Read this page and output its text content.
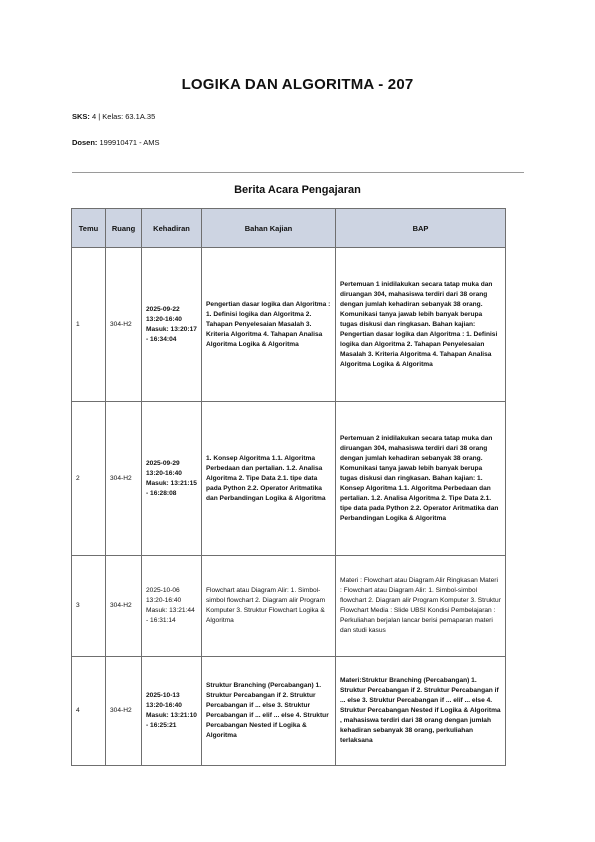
LOGIKA DAN ALGORITMA - 207
SKS: 4 | Kelas: 63.1A.35
Dosen: 199910471 - AMS
Berita Acara Pengajaran
Temu	Ruang	Kehadiran	Bahan Kajian	BAP
1	304-H2	2025-09-22 13:20-16:40 Masuk: 13:20:17 - 16:34:04	Pengertian dasar logika dan Algoritma : 1. Definisi logika dan Algoritma 2. Tahapan Penyelesaian Masalah 3. Kriteria Algoritma 4. Tahapan Analisa Algoritma Logika & Algoritma	Pertemuan 1 inidilakukan secara tatap muka dan diruangan 304, mahasiswa terdiri dari 38 orang dengan jumlah kehadiran sebanyak 38 orang. Komunikasi tanya jawab lebih banyak berupa tugas diskusi dan ringkasan. Bahan kajian: Pengertian dasar logika dan Algoritma : 1. Definisi logika dan Algoritma 2. Tahapan Penyelesaian Masalah 3. Kriteria Algoritma 4. Tahapan Analisa Algoritma Logika & Algoritma
2	304-H2	2025-09-29 13:20-16:40 Masuk: 13:21:15 - 16:28:08	1. Konsep Algoritma 1.1. Algoritma Perbedaan dan pertalian. 1.2. Analisa Algoritma 2. Tipe Data 2.1. tipe data pada Python 2.2. Operator Aritmatika dan Perbandingan Logika & Algoritma	Pertemuan 2 inidilakukan secara tatap muka dan diruangan 304, mahasiswa terdiri dari 38 orang dengan jumlah kehadiran sebanyak 38 orang. Komunikasi tanya jawab lebih banyak berupa tugas diskusi dan ringkasan. Bahan kajian: 1. Konsep Algoritma 1.1. Algoritma Perbedaan dan pertalian. 1.2. Analisa Algoritma 2. Tipe Data 2.1. tipe data pada Python 2.2. Operator Aritmatika dan Perbandingan Logika & Algoritma
3	304-H2	2025-10-06 13:20-16:40 Masuk: 13:21:44 - 16:31:14	Flowchart atau Diagram Alir: 1. Simbol-simbol flowchart 2. Diagram alir Program Komputer 3. Struktur Flowchart Logika & Algoritma	Materi : Flowchart atau Diagram Alir Ringkasan Materi : Flowchart atau Diagram Alir: 1. Simbol-simbol flowchart 2. Diagram alir Program Komputer 3. Struktur Flowchart Media : Slide UBSI Kondisi Pembelajaran : Perkuliahan berjalan lancar berisi pemaparan materi dan studi kasus
4	304-H2	2025-10-13 13:20-16:40 Masuk: 13:21:10 - 16:25:21	Struktur Branching (Percabangan) 1. Struktur Percabangan if 2. Struktur Percabangan if ... else 3. Struktur Percabangan if ... elif ... else 4. Struktur Percabangan Nested if Logika & Algoritma	Materi:Struktur Branching (Percabangan) 1. Struktur Percabangan if 2. Struktur Percabangan if ... else 3. Struktur Percabangan if ... elif ... else 4. Struktur Percabangan Nested if Logika & Algoritma , mahasiswa terdiri dari 38 orang dengan jumlah kehadiran sebanyak 38 orang, perkuliahan terlaksana
